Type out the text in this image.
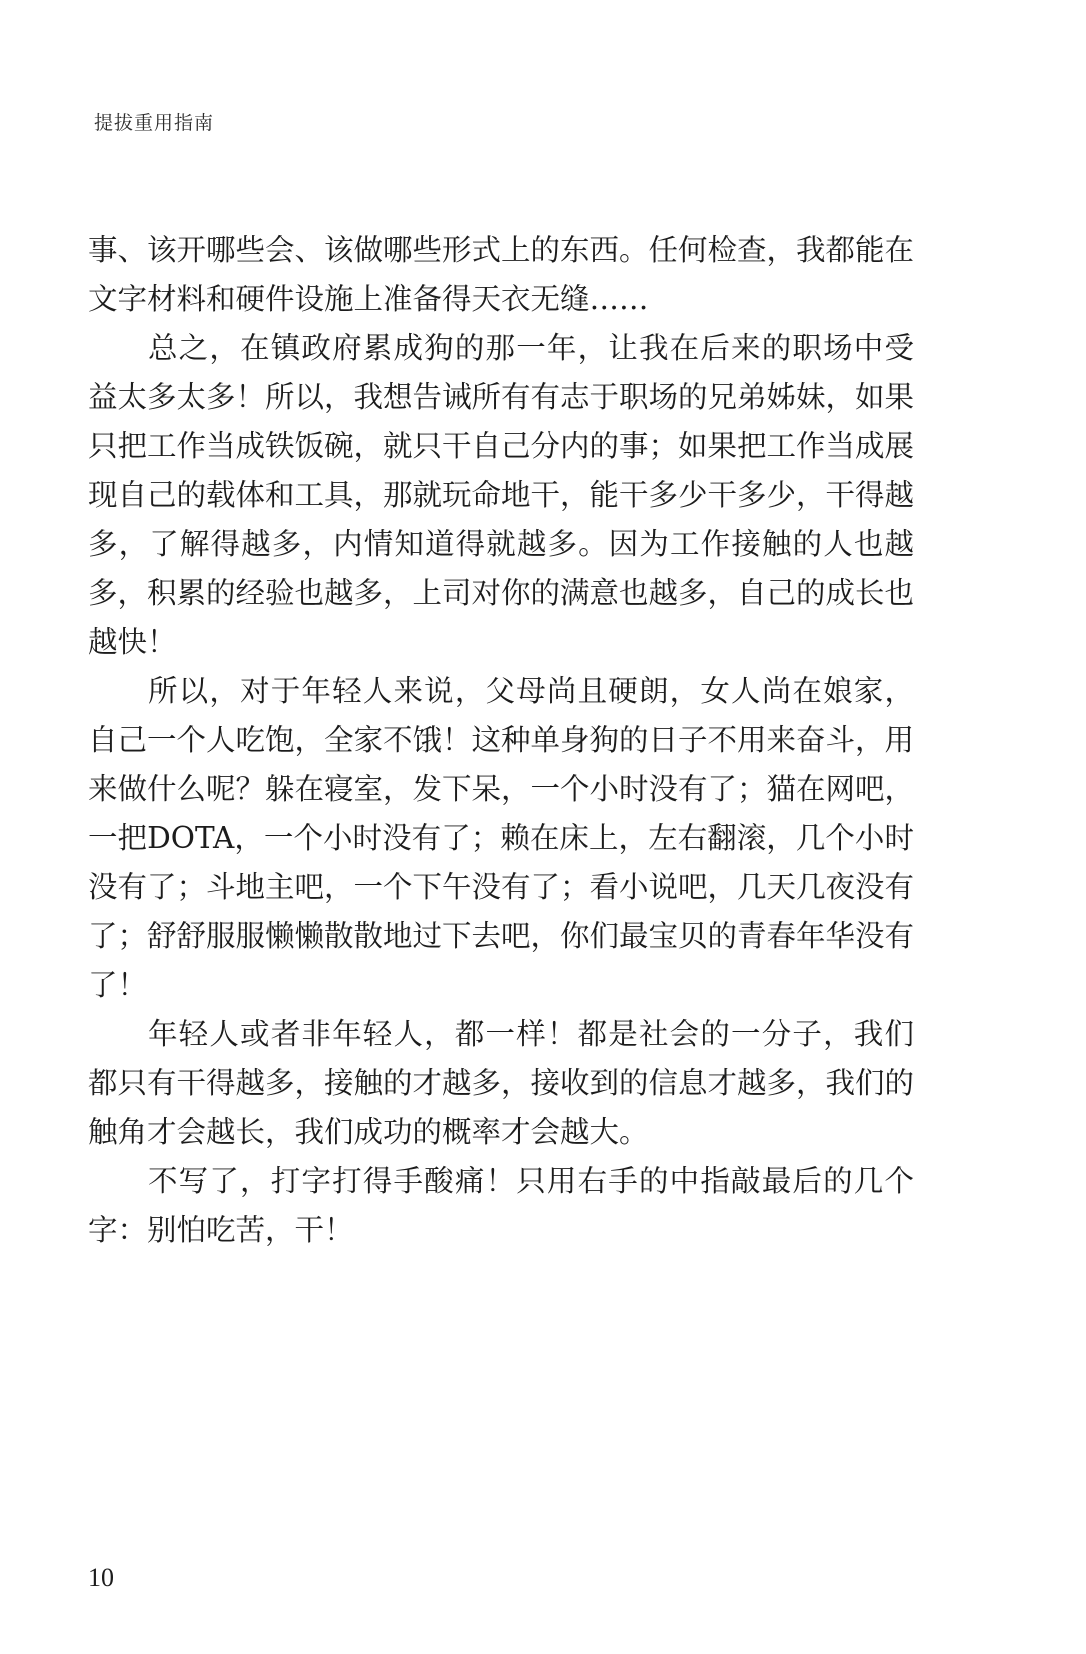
提拔重用指南

事、该开哪些会、该做哪些形式上的东西。任何检查，我都能在文字材料和硬件设施上准备得天衣无缝……

总之，在镇政府累成狗的那一年，让我在后来的职场中受益太多太多！所以，我想告诫所有有志于职场的兄弟姊妹，如果只把工作当成铁饭碗，就只干自己分内的事；如果把工作当成展现自己的载体和工具，那就玩命地干，能干多少干多少，干得越多，了解得越多，内情知道得就越多。因为工作接触的人也越多，积累的经验也越多，上司对你的满意也越多，自己的成长也越快！

所以，对于年轻人来说，父母尚且硬朗，女人尚在娘家，自己一个人吃饱，全家不饿！这种单身狗的日子不用来奋斗，用来做什么呢？躲在寝室，发下呆，一个小时没有了；猫在网吧，一把DOTA，一个小时没有了；赖在床上，左右翻滚，几个小时没有了；斗地主吧，一个下午没有了；看小说吧，几天几夜没有了；舒舒服服懒懒散散地过下去吧，你们最宝贝的青春年华没有了！

年轻人或者非年轻人，都一样！都是社会的一分子，我们都只有干得越多，接触的才越多，接收到的信息才越多，我们的触角才会越长，我们成功的概率才会越大。

不写了，打字打得手酸痛！只用右手的中指敲最后的几个字：别怕吃苦，干！

10
